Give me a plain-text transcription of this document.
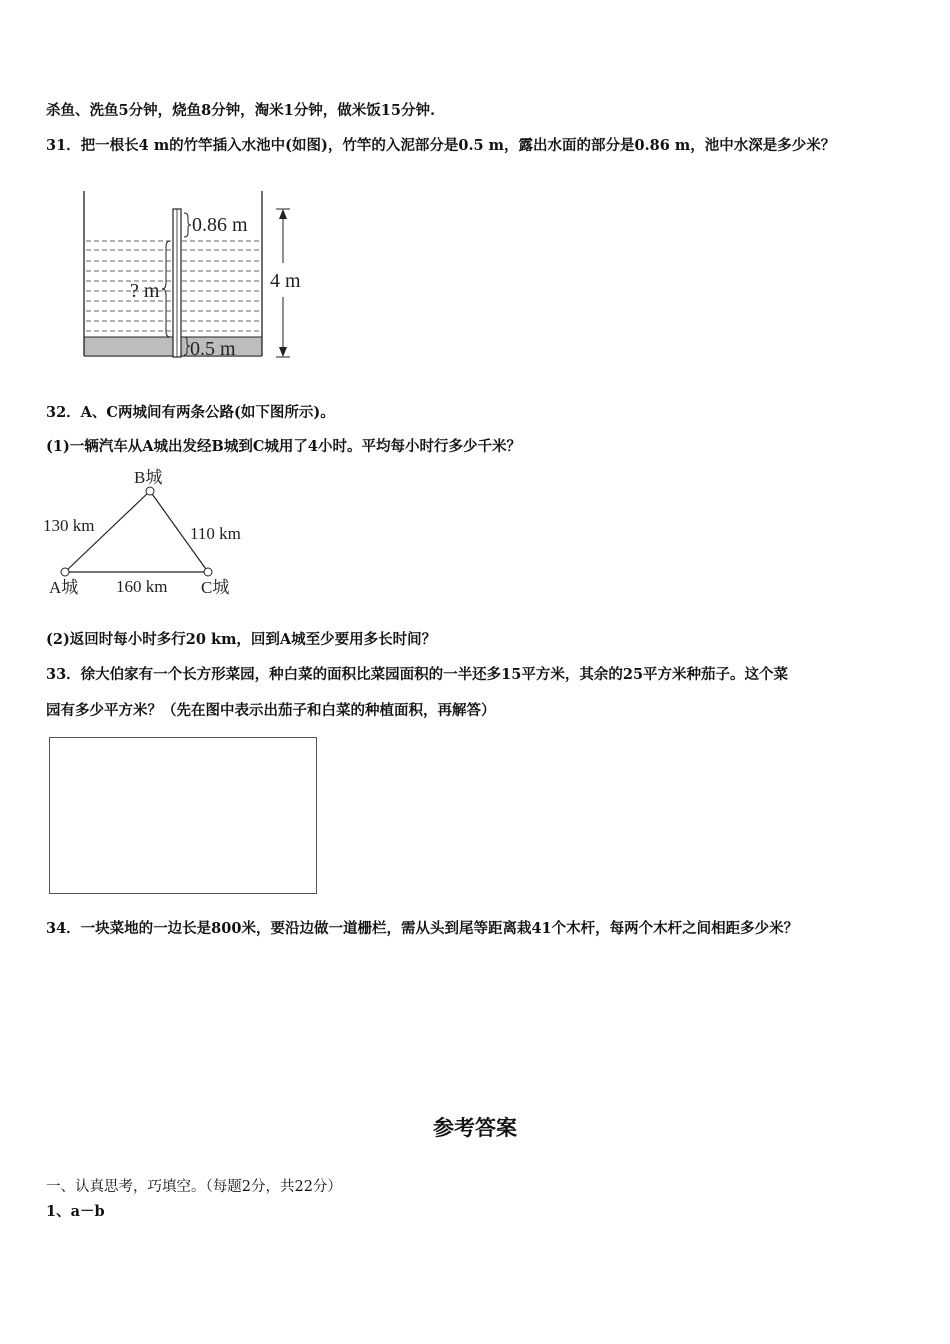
杀鱼、洗鱼5分钟，烧鱼8分钟，淘米1分钟，做米饭15分钟.
31．把一根长4 m的竹竿插入水池中(如图)，竹竿的入泥部分是0.5 m，露出水面的部分是0.86 m，池中水深是多少米？
0.86 m
? m
0.5 m
4 m
32．A、C两城间有两条公路(如下图所示)。
(1)一辆汽车从A城出发经B城到C城用了4小时。平均每小时行多少千米？
B城
A城	C城
130 km	110 km
160 km
(2)返回时每小时多行20 km，回到A城至少要用多长时间？
33．徐大伯家有一个长方形菜园，种白菜的面积比菜园面积的一半还多15平方米，其余的25平方米种茄子。这个菜
园有多少平方米？（先在图中表示出茄子和白菜的种植面积，再解答）
34．一块菜地的一边长是800米，要沿边做一道栅栏，需从头到尾等距离栽41个木杆，每两个木杆之间相距多少米？
参考答案
一、认真思考，巧填空。（每题2分，共22分）
1、a－b
